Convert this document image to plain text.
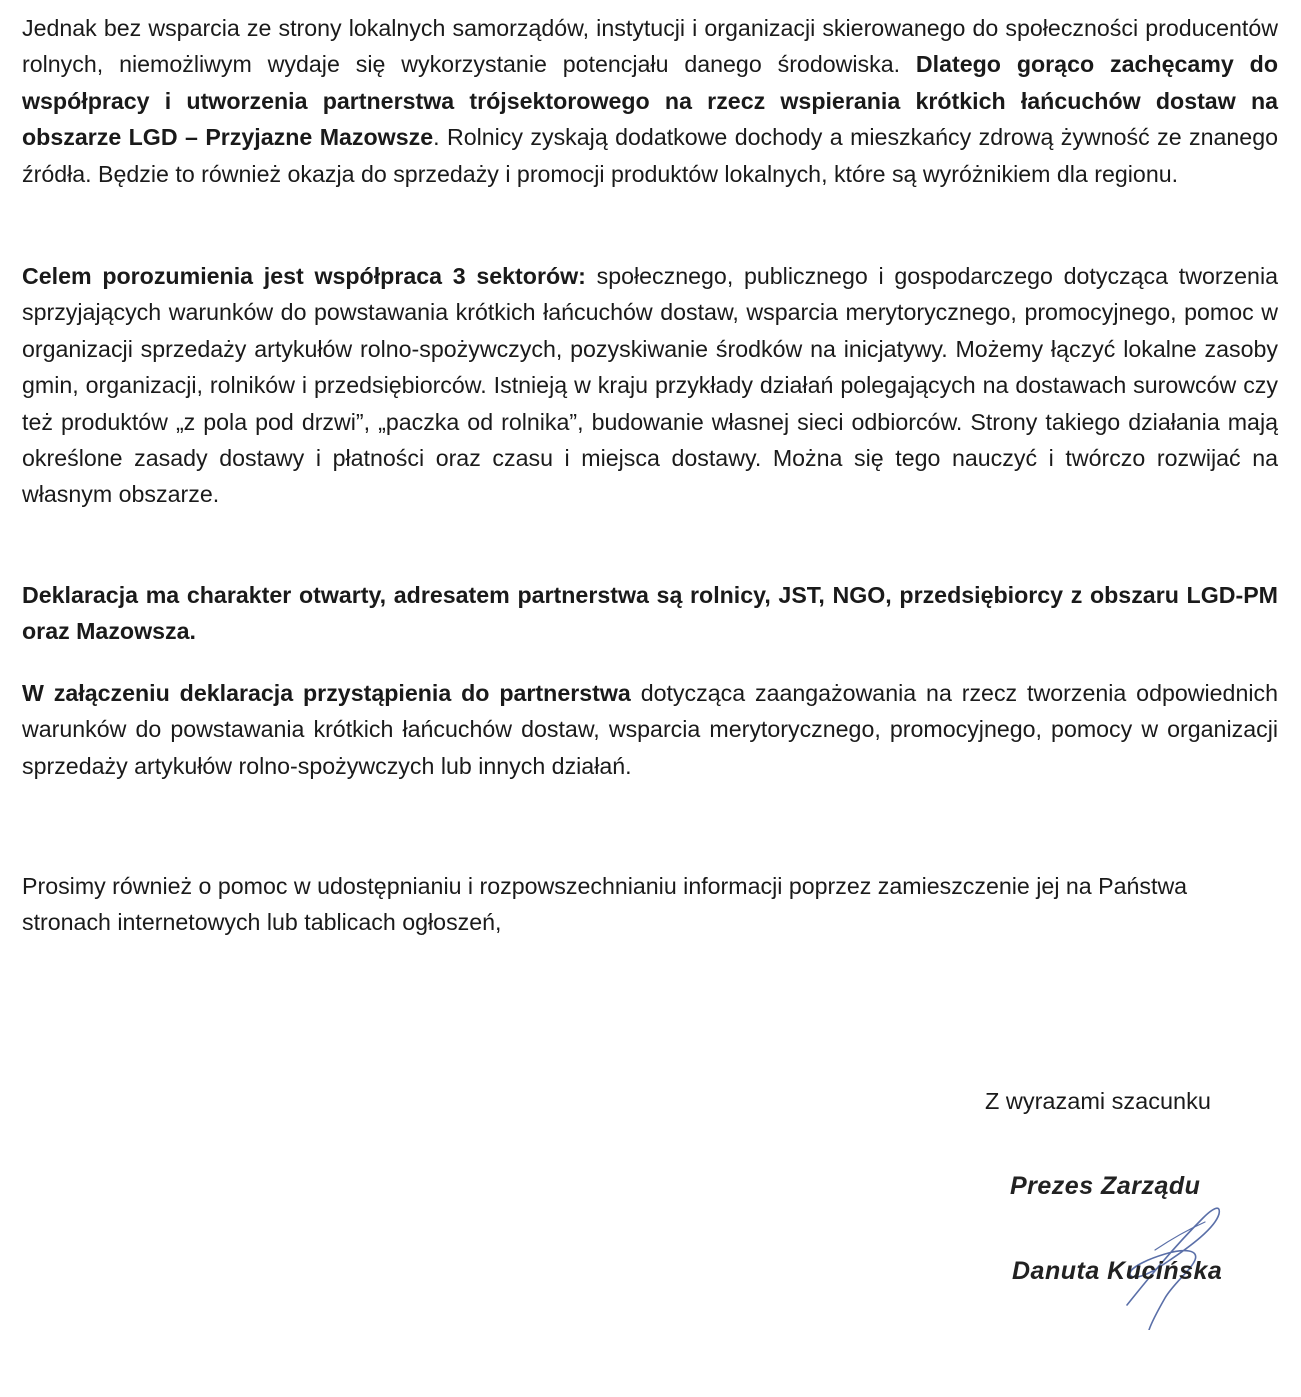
Jednak bez wsparcia ze strony lokalnych samorządów, instytucji i organizacji skierowanego do społeczności producentów rolnych, niemożliwym wydaje się wykorzystanie potencjału danego środowiska. Dlatego gorąco zachęcamy do współpracy i utworzenia partnerstwa trójsektorowego na rzecz wspierania krótkich łańcuchów dostaw na obszarze LGD – Przyjazne Mazowsze. Rolnicy zyskają dodatkowe dochody a mieszkańcy zdrową żywność ze znanego źródła. Będzie to również okazja do sprzedaży i promocji produktów lokalnych, które są wyróżnikiem dla regionu.

Celem porozumienia jest współpraca 3 sektorów: społecznego, publicznego i gospodarczego dotycząca tworzenia sprzyjających warunków do powstawania krótkich łańcuchów dostaw, wsparcia merytorycznego, promocyjnego, pomoc w organizacji sprzedaży artykułów rolno-spożywczych, pozyskiwanie środków na inicjatywy. Możemy łączyć lokalne zasoby gmin, organizacji, rolników i przedsiębiorców. Istnieją w kraju przykłady działań polegających na dostawach surowców czy też produktów „z pola pod drzwi”, „paczka od rolnika”, budowanie własnej sieci odbiorców. Strony takiego działania mają określone zasady dostawy i płatności oraz czasu i miejsca dostawy. Można się tego nauczyć i twórczo rozwijać na własnym obszarze.

Deklaracja ma charakter otwarty, adresatem partnerstwa są rolnicy, JST, NGO, przedsiębiorcy z obszaru LGD-PM oraz Mazowsza.

W załączeniu deklaracja przystąpienia do partnerstwa dotycząca zaangażowania na rzecz tworzenia odpowiednich warunków do powstawania krótkich łańcuchów dostaw, wsparcia merytorycznego, promocyjnego, pomocy w organizacji sprzedaży artykułów rolno-spożywczych lub innych działań.

Prosimy również o pomoc w udostępnianiu i rozpowszechnianiu informacji poprzez zamieszczenie jej na Państwa stronach internetowych lub tablicach ogłoszeń,

Z wyrazami szacunku

Prezes Zarządu
Danuta Kucińska
